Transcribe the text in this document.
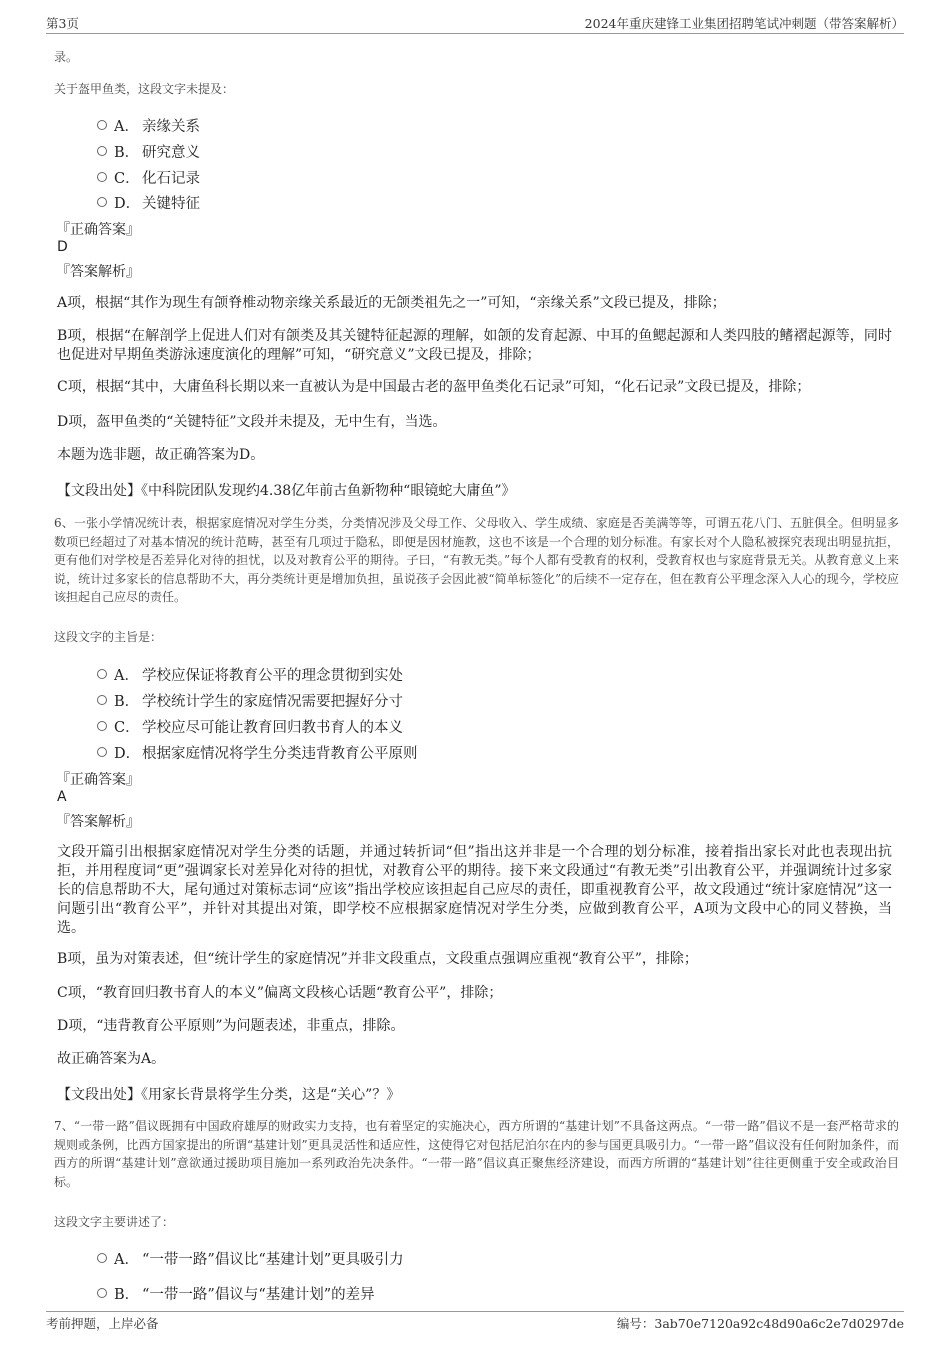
第3页	2024年重庆建锋工业集团招聘笔试冲刺题（带答案解析）
录。
关于盔甲鱼类，这段文字未提及：
A． 亲缘关系
B． 研究意义
C． 化石记录
D． 关键特征
『正确答案』
D
『答案解析』
A项，根据“其作为现生有颌脊椎动物亲缘关系最近的无颌类祖先之一”可知，“亲缘关系”文段已提及，排除；
B项，根据“在解剖学上促进人们对有颌类及其关键特征起源的理解，如颌的发育起源、中耳的鱼鳃起源和人类四肢的鳍褶起源等，同时也促进对早期鱼类游泳速度演化的理解”可知，“研究意义”文段已提及，排除；
C项，根据“其中，大庸鱼科长期以来一直被认为是中国最古老的盔甲鱼类化石记录”可知，“化石记录”文段已提及，排除；
D项，盔甲鱼类的“关键特征”文段并未提及，无中生有，当选。
本题为选非题，故正确答案为D。
【文段出处】《中科院团队发现约4.38亿年前古鱼新物种“眼镜蛇大庸鱼”》
6、一张小学情况统计表，根据家庭情况对学生分类，分类情况涉及父母工作、父母收入、学生成绩、家庭是否美满等等，可谓五花八门、五脏俱全。但明显多数项已经超过了对基本情况的统计范畴，甚至有几项过于隐私，即便是因材施教，这也不该是一个合理的划分标准。有家长对个人隐私被探究表现出明显抗拒，更有他们对学校是否差异化对待的担忧，以及对教育公平的期待。子曰，“有教无类。”每个人都有受教育的权利，受教育权也与家庭背景无关。从教育意义上来说，统计过多家长的信息帮助不大，再分类统计更是增加负担，虽说孩子会因此被“简单标签化”的后续不一定存在，但在教育公平理念深入人心的现今，学校应该担起自己应尽的责任。
这段文字的主旨是：
A． 学校应保证将教育公平的理念贯彻到实处
B． 学校统计学生的家庭情况需要把握好分寸
C． 学校应尽可能让教育回归教书育人的本义
D． 根据家庭情况将学生分类违背教育公平原则
『正确答案』
A
『答案解析』
文段开篇引出根据家庭情况对学生分类的话题，并通过转折词“但”指出这并非是一个合理的划分标准，接着指出家长对此也表现出抗拒，并用程度词“更”强调家长对差异化对待的担忧，对教育公平的期待。接下来文段通过“有教无类”引出教育公平，并强调统计过多家长的信息帮助不大，尾句通过对策标志词“应该”指出学校应该担起自己应尽的责任，即重视教育公平，故文段通过“统计家庭情况”这一问题引出“教育公平”，并针对其提出对策，即学校不应根据家庭情况对学生分类，应做到教育公平，A项为文段中心的同义替换，当选。
B项，虽为对策表述，但“统计学生的家庭情况”并非文段重点，文段重点强调应重视“教育公平”，排除；
C项，“教育回归教书育人的本义”偏离文段核心话题“教育公平”，排除；
D项，“违背教育公平原则”为问题表述，非重点，排除。
故正确答案为A。
【文段出处】《用家长背景将学生分类，这是“关心”？》
7、“一带一路”倡议既拥有中国政府雄厚的财政实力支持，也有着坚定的实施决心，西方所谓的“基建计划”不具备这两点。“一带一路”倡议不是一套严格苛求的规则或条例，比西方国家提出的所谓“基建计划”更具灵活性和适应性，这使得它对包括尼泊尔在内的参与国更具吸引力。“一带一路”倡议没有任何附加条件，而西方的所谓“基建计划”意欲通过援助项目施加一系列政治先决条件。“一带一路”倡议真正聚焦经济建设，而西方所谓的“基建计划”往往更侧重于安全或政治目标。
这段文字主要讲述了：
A． “一带一路”倡议比“基建计划”更具吸引力
B． “一带一路”倡议与“基建计划”的差异
考前押题，上岸必备	编号：3ab70e7120a92c48d90a6c2e7d0297de
